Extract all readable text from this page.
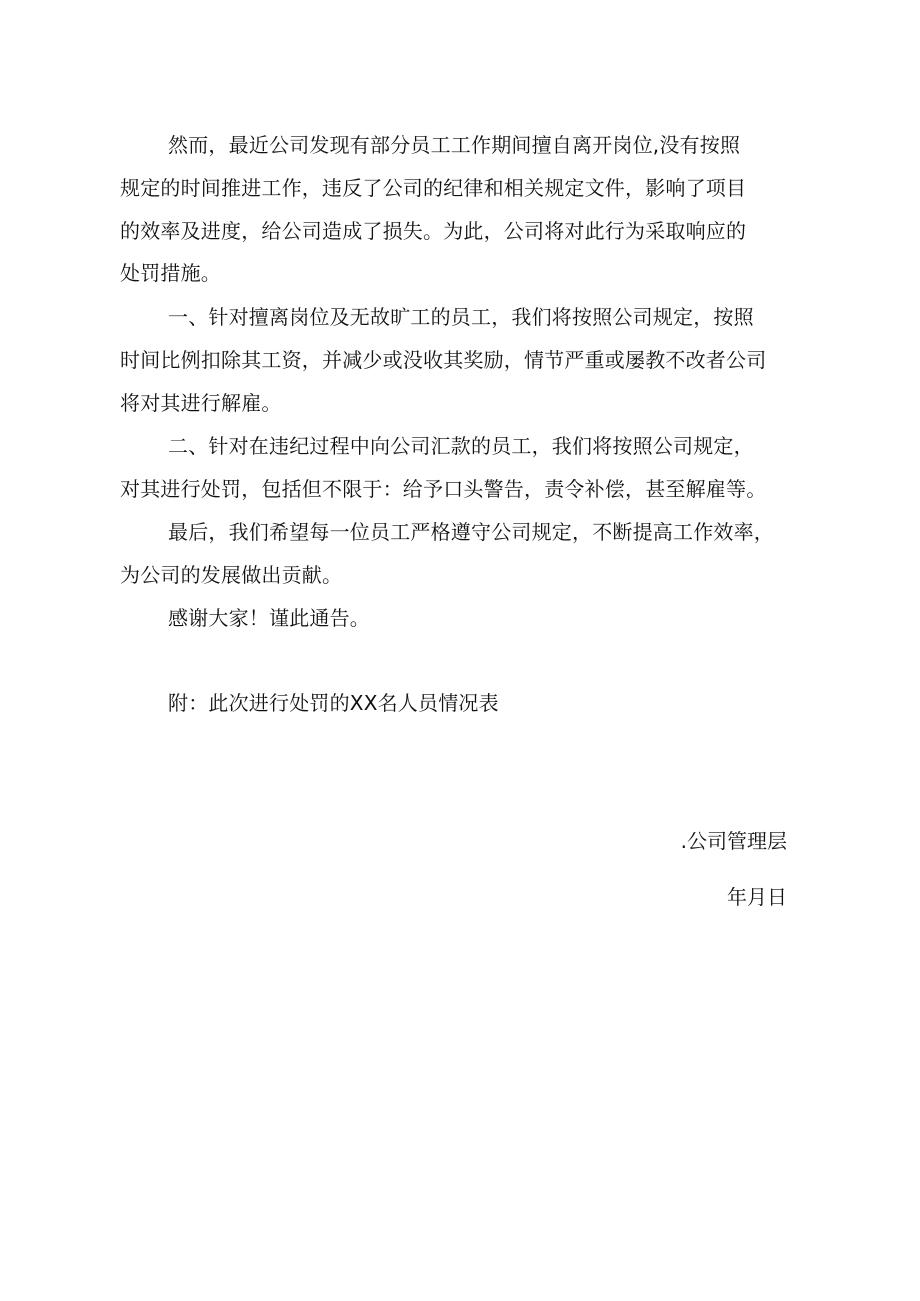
然而，最近公司发现有部分员工工作期间擅自离开岗位,没有按照
规定的时间推进工作，违反了公司的纪律和相关规定文件，影响了项目
的效率及进度，给公司造成了损失。为此，公司将对此行为采取响应的
处罚措施。
一、针对擅离岗位及无故旷工的员工，我们将按照公司规定，按照
时间比例扣除其工资，并减少或没收其奖励，情节严重或屡教不改者公司
将对其进行解雇。
二、针对在违纪过程中向公司汇款的员工，我们将按照公司规定，
对其进行处罚，包括但不限于：给予口头警告，责令补偿，甚至解雇等。
最后，我们希望每一位员工严格遵守公司规定，不断提高工作效率，
为公司的发展做出贡献。
感谢大家！谨此通告。
附：此次进行处罚的XX名人员情况表
.公司管理层
年月日
